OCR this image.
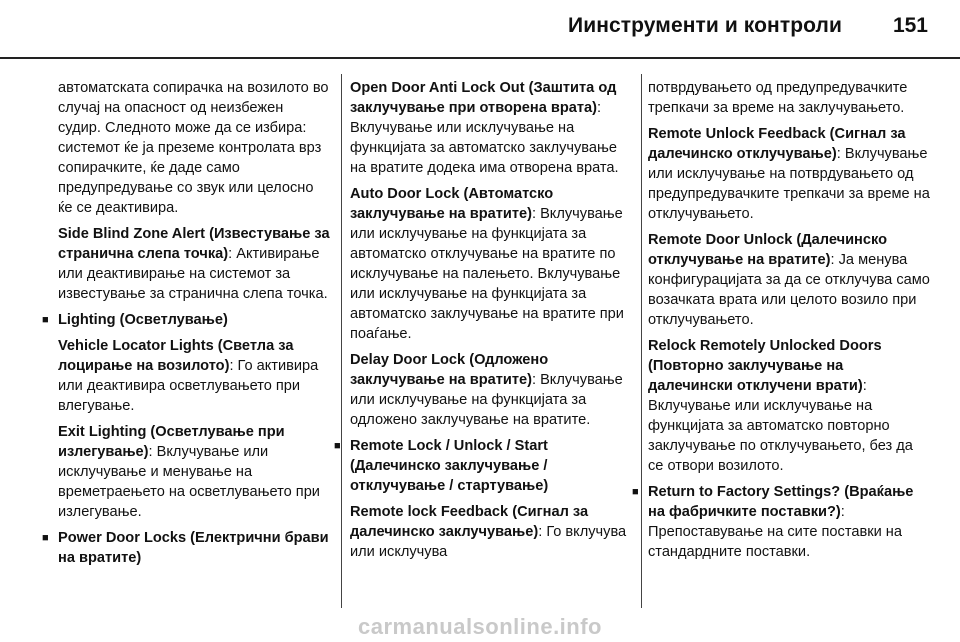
Иинструменти и контроли 151

автоматската сопирачка на возилото во случај на опасност од неизбежен судир. Следното може да се избира: системот ќе ја преземе контролата врз сопирачките, ќе даде само предупредување со звук или целосно ќе се деактивира.

Side Blind Zone Alert (Известување за странична слепа точка): Активирање или деактивирање на системот за известување за странична слепа точка.

■ Lighting (Осветлување)

Vehicle Locator Lights (Светла за лоцирање на возилото): Го активира или деактивира осветлувањето при влегување.

Exit Lighting (Осветлување при излегување): Вклучување или исклучување и менување на времетраењето на осветлувањето при излегување.

■ Power Door Locks (Електрични брави на вратите)

Open Door Anti Lock Out (Заштита од заклучување при отворена врата): Вклучување или исклучување на функцијата за автоматско заклучување на вратите додека има отворена врата.

Auto Door Lock (Автоматско заклучување на вратите): Вклучување или исклучување на функцијата за автоматско отклучување на вратите по исклучување на палењето. Вклучување или исклучување на функцијата за автоматско заклучување на вратите при поаѓање.

Delay Door Lock (Одложено заклучување на вратите): Вклучување или исклучување на функцијата за одложено заклучување на вратите.

■ Remote Lock / Unlock / Start (Далечинско заклучување / отклучување / стартување)

Remote lock Feedback (Сигнал за далечинско заклучување): Го вклучува или исклучува

потврдувањето од предупредувачките трепкачи за време на заклучувањето.

Remote Unlock Feedback (Сигнал за далечинско отклучување): Вклучување или исклучување на потврдувањето од предупредувачките трепкачи за време на отклучувањето.

Remote Door Unlock (Далечинско отклучување на вратите): Ја менува конфигурацијата за да се отклучува само возачката врата или целото возило при отклучувањето.

Relock Remotely Unlocked Doors (Повторно заклучување на далечински отклучени врати): Вклучување или исклучување на функцијата за автоматско повторно заклучување по отклучувањето, без да се отвори возилото.

■ Return to Factory Settings? (Враќање на фабричките поставки?): Препоставување на сите поставки на стандардните поставки.

carmanualsonline.info
